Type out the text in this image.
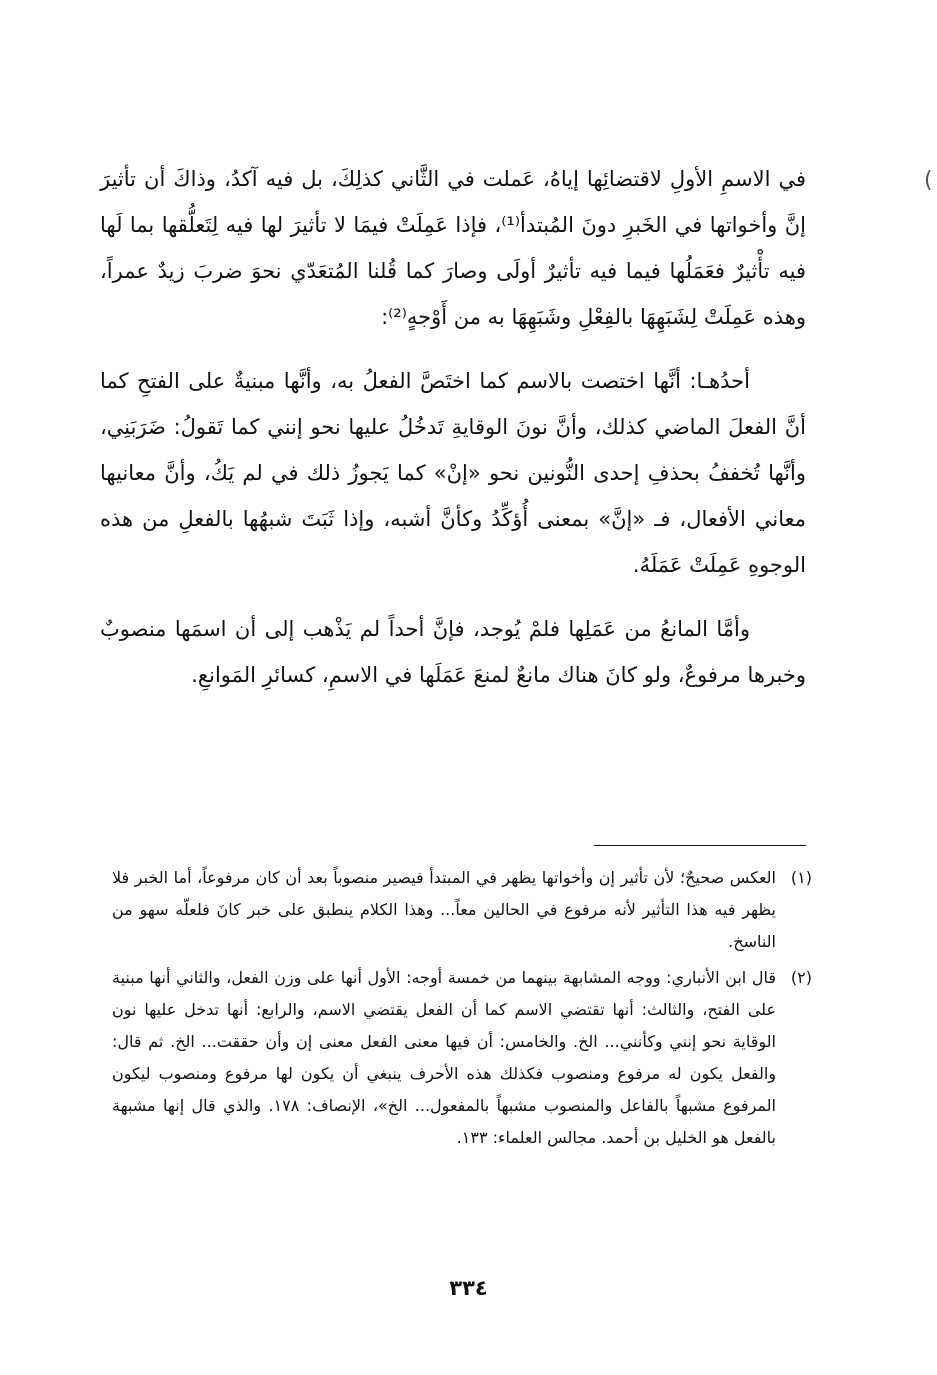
(

في الاسمِ الأولِ لاقتضائِها إياهُ، عَملت في الثَّاني كذلِكَ، بل فيه آكدُ، وذاكَ أن تأثيرَ إنَّ وأخواتها في الخَبرِ دونَ المُبتدأ⁽¹⁾، فإذا عَمِلَتْ فيمَا لا تأثيرَ لها فيه لِتَعلُّقها بما لَها فيه تأْثيرٌ فعَمَلُها فيما فيه تأثيرٌ أولَى وصارَ كما قُلنا المُتعَدّي نحوَ ضربَ زيدٌ عمراً، وهذه عَمِلَتْ لِشَبَهِهَا بالفِعْلِ وشَبَهِهَا به من أَوْجهٍ⁽²⁾:

أحدُهـا: أنَّها اختصت بالاسم كما اختَصَّ الفعلُ به، وأنَّها مبنيةٌ على الفتحِ كما أنَّ الفعلَ الماضي كذلك، وأنَّ نونَ الوقايةِ تَدخُلُ عليها نحو إنني كما تَقولُ: ضَرَبَنِي، وأنَّها تُخففُ بحذفِ إحدى النُّونين نحو «إنْ» كما يَجوزُ ذلك في لم يَكُ، وأنَّ معانيها معاني الأفعال، فـ «إنَّ» بمعنى أُؤكِّدُ وكأنَّ أشبه، وإذا ثَبَتَ شبهُها بالفعلِ من هذه الوجوهِ عَمِلَتْ عَمَلَهُ.

وأمَّا المانعُ من عَمَلِها فلمْ يُوجد، فإنَّ أحداً لم يَذْهب إلى أن اسمَها منصوبٌ وخبرها مرفوعٌ، ولو كانَ هناك مانعٌ لمنعَ عَمَلَها في الاسمِ، كسائرِ المَوانعِ.

(١)
العكس صحيحٌ؛ لأن تأثير إن وأخواتها يظهر في المبتدأ فيصير منصوباً بعد أن كان مرفوعاً، أما الخبر فلا يظهر فيه هذا التأثير لأنه مرفوع في الحالين معاً... وهذا الكلام ينطبق على خبر كانَ فلعلّه سهو من الناسخ.
(٢)
قال ابن الأنباري: ووجه المشابهة بينهما من خمسة أوجه: الأول أنها على وزن الفعل، والثاني أنها مبنية على الفتح، والثالث: أنها تقتضي الاسم كما أن الفعل يقتضي الاسم، والرابع: أنها تدخل عليها نون الوقاية نحو إنني وكأنني... الخ. والخامس: أن فيها معنى الفعل معنى إن وأن حققت... الخ. ثم قال: والفعل يكون له مرفوع ومنصوب فكذلك هذه الأحرف ينبغي أن يكون لها مرفوع ومنصوب ليكون المرفوع مشبهاً بالفاعل والمنصوب مشبهاً بالمفعول... الخ»، الإنصاف: ١٧٨. والذي قال إنها مشبهة بالفعل هو الخليل بن أحمد. مجالس العلماء: ١٣٣.
٣٣٤
